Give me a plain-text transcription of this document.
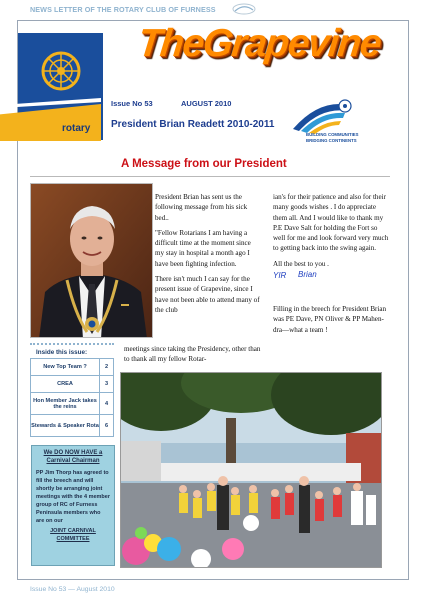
NEWS LETTER OF THE ROTARY CLUB OF FURNESS
TheGrapevine
rotary
Issue No 53	AUGUST 2010
President Brian Readett 2010-2011
BUILDING COMMUNITIES
BRIDGING CONTINENTS
A Message from our President

President Brian has sent us the following message from his sick bed..

"Fellow Rotarians I am having a difficult time at the moment since my stay in hospital a month ago I have been fighting infection.

There isn't much I can say for the present issue of Grapevine, since I have not been able to attend many of the club

meetings since taking the Presidency, other than to thank all my fellow Rotar-

ian's for their patience and also for their many goods wishes . I do appreciate them all. And I would like to thank my P.E Dave Salt for holding the Fort so well for me and look forward very much to getting back into the swing again.

All the best to you .

YIR Brian
Filling in the breech for President Brian was PE Dave, PN Oliver & PP Mahen-dra—what a team !
Inside this issue:
New Top Team ?	2
CREA	3
Hon Member Jack takes the reins	4
Stewards & Speaker Rota	6
We DO NOW HAVE a Carnival Chairman
PP Jim Thorp has agreed to fill the breech and will shortly be arranging joint meetings with the 4 member group of RC of Furness Peninsula members who are on our
JOINT CARNIVAL COMMITTEE
Issue No 53 — August 2010
